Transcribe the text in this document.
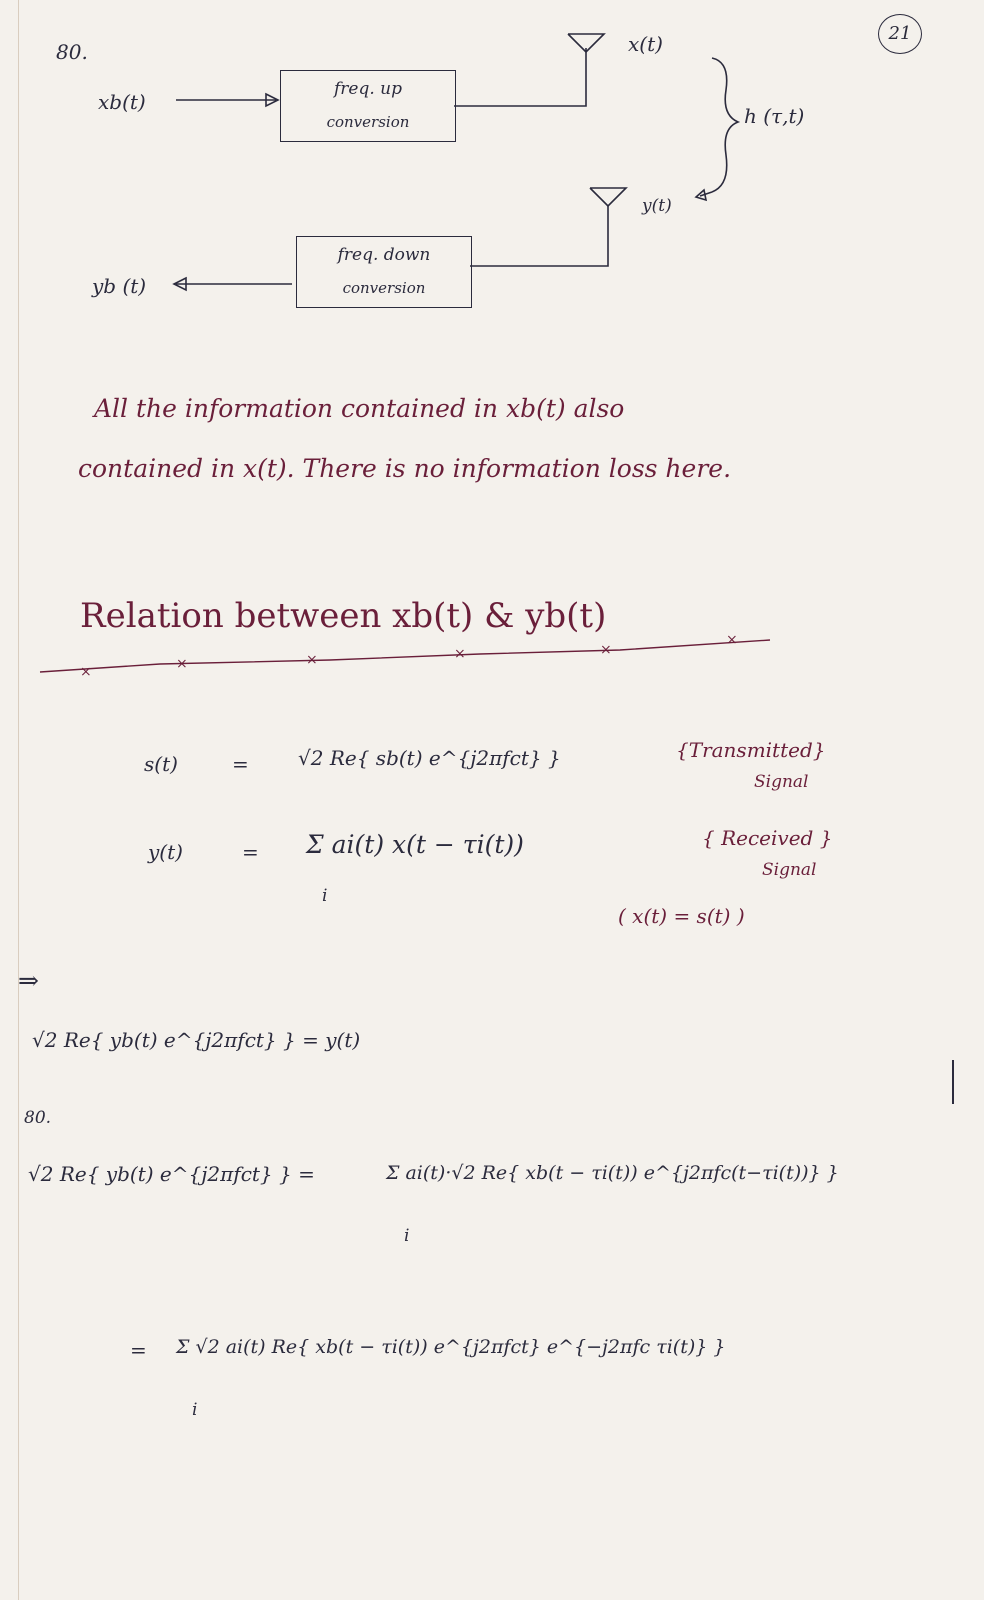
21
80.
xb(t)
freq. up
conversion
x(t)
h (τ,t)
y(t)
freq. down
conversion
yb (t)
All the information contained in xb(t) also
contained in x(t). There is no information loss here.
Relation between xb(t) & yb(t)
×	×	×	×	×
×
s(t)	= √2 Re{ sb(t) e^{j2πfct} }	{Transmitted}
Signal
y(t)	= Σ ai(t) x(t − τi(t))
i
{ Received }
Signal
( x(t) = s(t) )
⇒
√2 Re{ yb(t) e^{j2πfct} } = y(t)
80.
√2 Re{ yb(t) e^{j2πfct} } =	Σ ai(t)·√2 Re{ xb(t − τi(t)) e^{j2πfc(t−τi(t))} }
i
= Σ √2 ai(t) Re{ xb(t − τi(t)) e^{j2πfct} e^{−j2πfc τi(t)} }
i
